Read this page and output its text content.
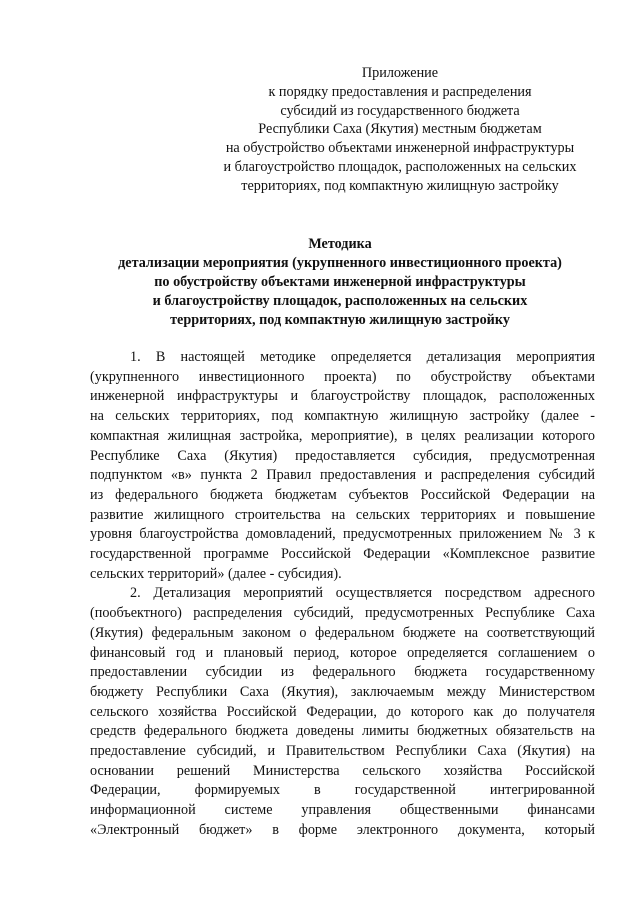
Приложение
к порядку предоставления и распределения
субсидий из государственного бюджета
Республики Саха (Якутия) местным бюджетам
на обустройство объектами инженерной инфраструктуры
и благоустройство площадок, расположенных на сельских
территориях, под компактную жилищную застройку
Методика
детализации мероприятия (укрупненного инвестиционного проекта)
по обустройству объектами инженерной инфраструктуры
и благоустройству площадок, расположенных на сельских
территориях, под компактную жилищную застройку
1. В настоящей методике определяется детализация мероприятия
(укрупненного инвестиционного проекта) по обустройству объектами
инженерной инфраструктуры и благоустройству площадок, расположенных
на сельских территориях, под компактную жилищную застройку (далее -
компактная жилищная застройка, мероприятие), в целях реализации которого
Республике Саха (Якутия) предоставляется субсидия, предусмотренная
подпунктом «в» пункта 2 Правил предоставления и распределения субсидий
из федерального бюджета бюджетам субъектов Российской Федерации на
развитие жилищного строительства на сельских территориях и повышение
уровня благоустройства домовладений, предусмотренных приложением № 3 к
государственной программе Российской Федерации «Комплексное развитие
сельских территорий» (далее - субсидия).
2. Детализация мероприятий осуществляется посредством адресного
(пообъектного) распределения субсидий, предусмотренных Республике Саха
(Якутия) федеральным законом о федеральном бюджете на соответствующий
финансовый год и плановый период, которое определяется соглашением о
предоставлении субсидии из федерального бюджета государственному
бюджету Республики Саха (Якутия), заключаемым между Министерством
сельского хозяйства Российской Федерации, до которого как до получателя
средств федерального бюджета доведены лимиты бюджетных обязательств на
предоставление субсидий, и Правительством Республики Саха (Якутия) на
основании решений Министерства сельского хозяйства Российской
Федерации, формируемых в государственной интегрированной
информационной системе управления общественными финансами
«Электронный бюджет» в форме электронного документа, который
